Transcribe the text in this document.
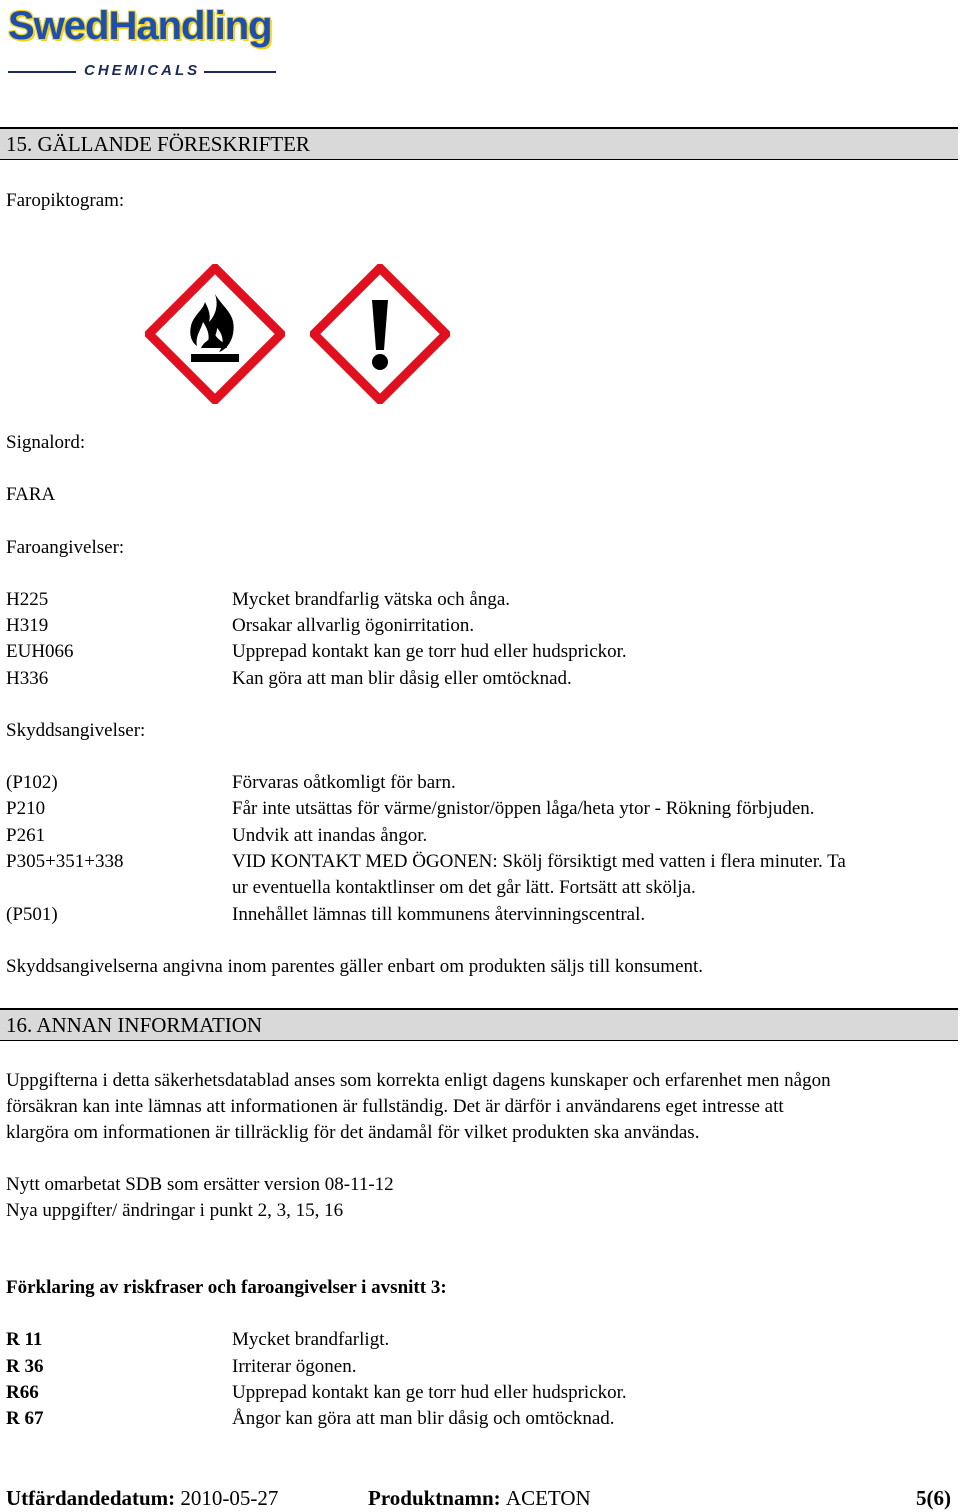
SwedHandling
CHEMICALS
15. GÄLLANDE FÖRESKRIFTER
Faropiktogram:
Signalord:
FARA
Faroangivelser:
H225	Mycket brandfarlig vätska och ånga.
H319	Orsakar allvarlig ögonirritation.
EUH066	Upprepad kontakt kan ge torr hud eller hudsprickor.
H336	Kan göra att man blir dåsig eller omtöcknad.
Skyddsangivelser:
(P102)	Förvaras oåtkomligt för barn.
P210	Får inte utsättas för värme/gnistor/öppen låga/heta ytor - Rökning förbjuden.
P261	Undvik att inandas ångor.
P305+351+338	VID KONTAKT MED ÖGONEN: Skölj försiktigt med vatten i flera minuter. Ta
ur eventuella kontaktlinser om det går lätt. Fortsätt att skölja.
(P501)	Innehållet lämnas till kommunens återvinningscentral.
Skyddsangivelserna angivna inom parentes gäller enbart om produkten säljs till konsument.
16. ANNAN INFORMATION
Uppgifterna i detta säkerhetsdatablad anses som korrekta enligt dagens kunskaper och erfarenhet men någon
försäkran kan inte lämnas att informationen är fullständig. Det är därför i användarens eget intresse att
klargöra om informationen är tillräcklig för det ändamål för vilket produkten ska användas.
Nytt omarbetat SDB som ersätter version 08-11-12
Nya uppgifter/ ändringar i punkt 2, 3, 15, 16
Förklaring av riskfraser och faroangivelser i avsnitt 3:
R 11	Mycket brandfarligt.
R 36	Irriterar ögonen.
R66	Upprepad kontakt kan ge torr hud eller hudsprickor.
R 67	Ångor kan göra att man blir dåsig och omtöcknad.
Utfärdandedatum: 2010-05-27	Produktnamn: ACETON	5(6)
